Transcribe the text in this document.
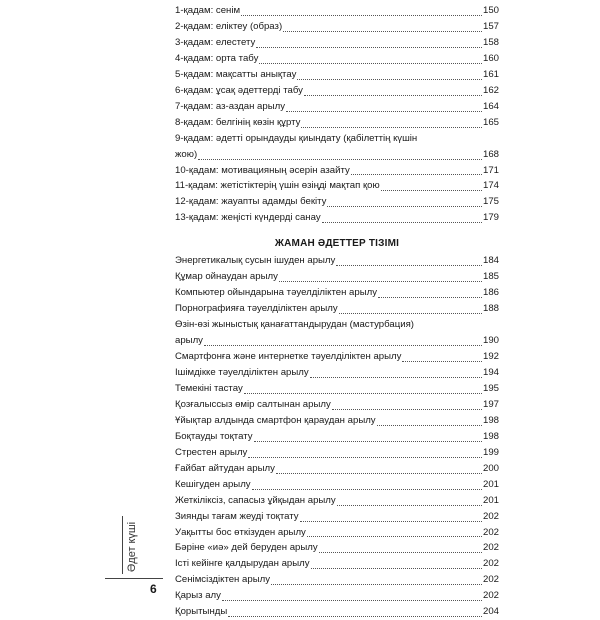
1-қадам: сенім	150
2-қадам: еліктеу (образ)	157
3-қадам: елестету	158
4-қадам: орта табу	160
5-қадам: мақсатты анықтау	161
6-қадам: ұсақ әдеттерді табу	162
7-қадам: аз-аздан арылу	164
8-қадам: белгінің көзін құрту	165
9-қадам: әдетті орындауды қиындату (қабілеттің күшін
жою)	168
10-қадам: мотивацияның әсерін азайту	171
11-қадам: жетістіктерің үшін өзіңді мақтап қою	174
12-қадам: жауапты адамды бекіту	175
13-қадам: жеңісті күндерді санау	179
ЖАМАН ӘДЕТТЕР ТІЗІМІ
Энергетикалық сусын ішуден арылу	184
Құмар ойнаудан арылу	185
Компьютер ойындарына тәуелділіктен арылу	186
Порнографияға тәуелділіктен арылу	188
Өзін-өзі жыныстық қанағаттандырудан (мастурбация)
арылу	190
Смартфонға және интернетке тәуелділіктен арылу	192
Ішімдікке тәуелділіктен арылу	194
Темекіні тастау	195
Қозғалыссыз өмір салтынан арылу	197
Ұйықтар алдында смартфон қараудан арылу	198
Боқтауды тоқтату	198
Стрестен арылу	199
Ғайбат айтудан арылу	200
Кешігуден арылу	201
Жеткіліксіз, сапасыз ұйқыдан арылу	201
Зиянды тағам жеуді тоқтату	202
Уақытты бос өткізуден арылу	202
Бәріне «иә» дей беруден арылу	202
Істі кейінге қалдырудан арылу	202
Сенімсіздіктен арылу	202
Қарыз алу	202
Қорытынды	204
Әдет күші
6
